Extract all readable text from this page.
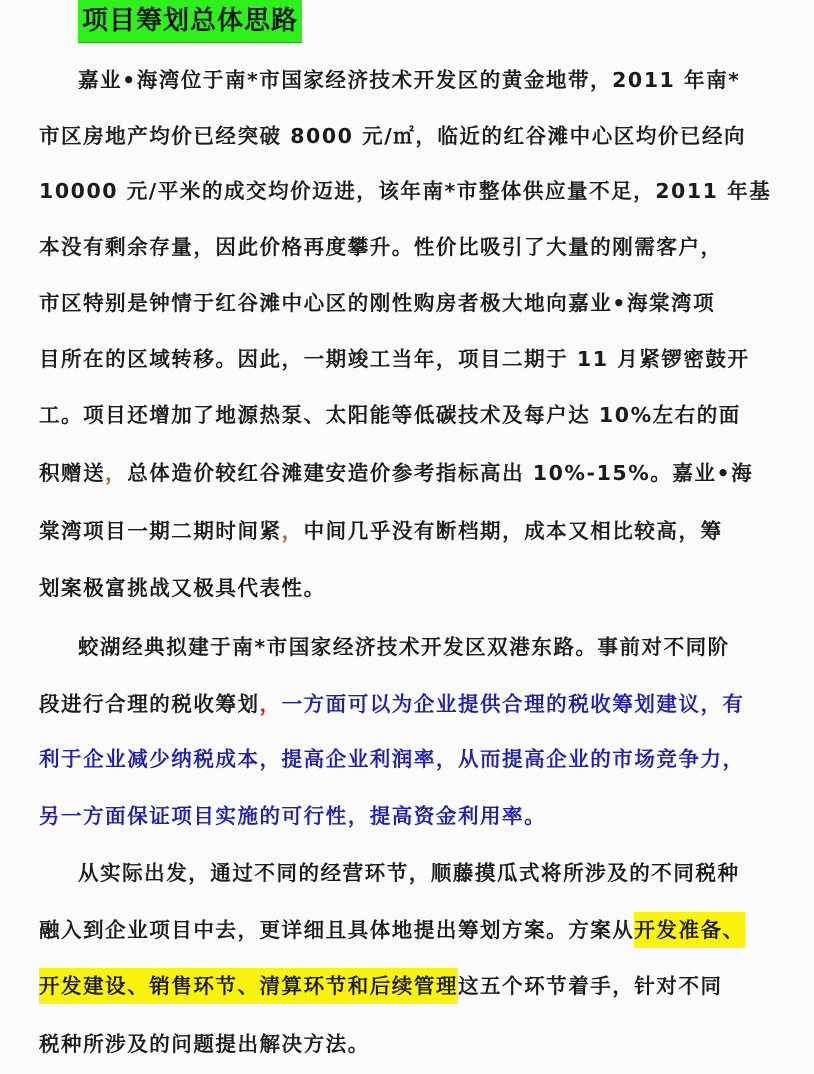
项目筹划总体思路
嘉业•海湾位于南*市国家经济技术开发区的黄金地带，2011 年南*
市区房地产均价已经突破 8000 元/㎡，临近的红谷滩中心区均价已经向
10000 元/平米的成交均价迈进，该年南*市整体供应量不足，2011 年基
本没有剩余存量，因此价格再度攀升。性价比吸引了大量的刚需客户，
市区特别是钟情于红谷滩中心区的刚性购房者极大地向嘉业•海棠湾项
目所在的区域转移。因此，一期竣工当年，项目二期于 11 月紧锣密鼓开
工。项目还增加了地源热泵、太阳能等低碳技术及每户达 10%左右的面
积赠送，总体造价较红谷滩建安造价参考指标高出 10%-15%。嘉业•海
棠湾项目一期二期时间紧，中间几乎没有断档期，成本又相比较高，筹
划案极富挑战又极具代表性。
蛟湖经典拟建于南*市国家经济技术开发区双港东路。事前对不同阶
段进行合理的税收筹划，一方面可以为企业提供合理的税收筹划建议，有
利于企业减少纳税成本，提高企业利润率，从而提高企业的市场竞争力，
另一方面保证项目实施的可行性，提高资金利用率。
从实际出发，通过不同的经营环节，顺藤摸瓜式将所涉及的不同税种
融入到企业项目中去，更详细且具体地提出筹划方案。方案从开发准备、
开发建设、销售环节、清算环节和后续管理这五个环节着手，针对不同
税种所涉及的问题提出解决方法。
